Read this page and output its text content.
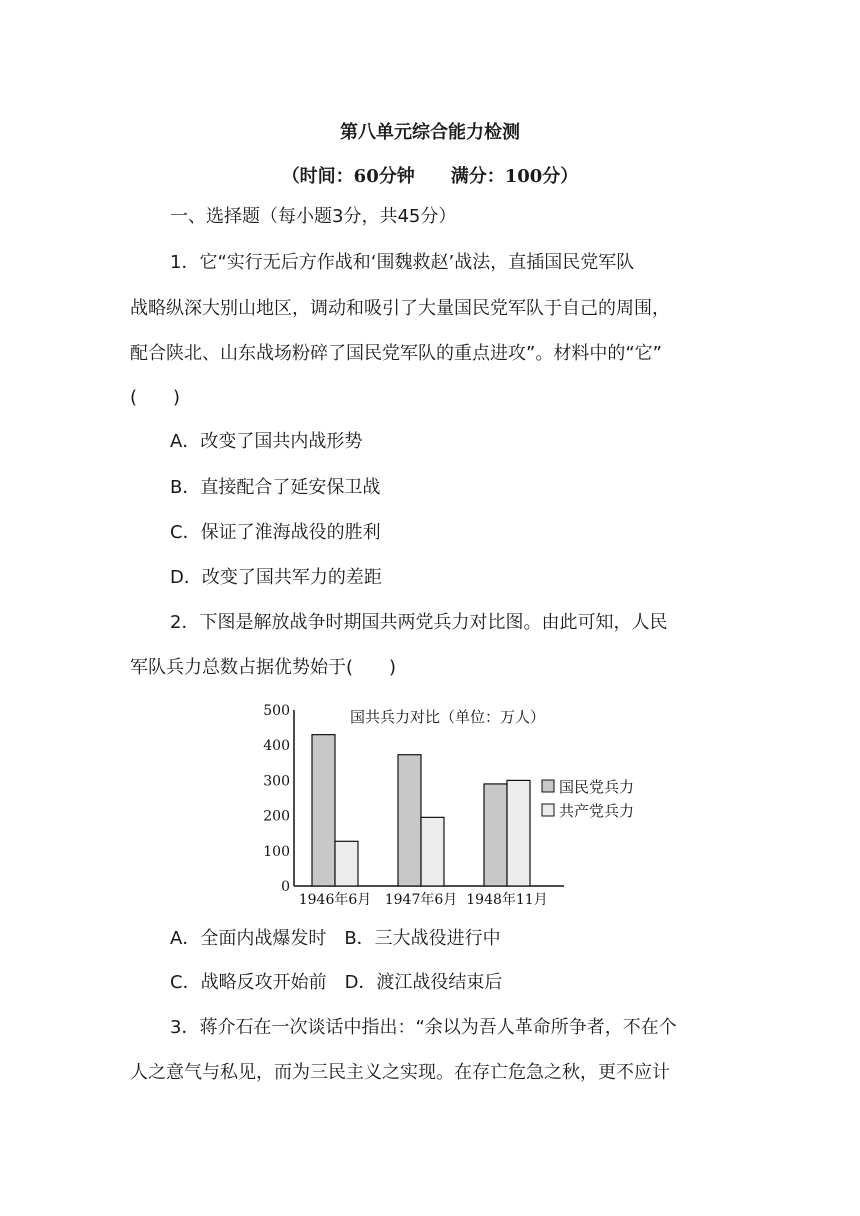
第八单元综合能力检测
（时间：60分钟　　满分：100分）
一、选择题（每小题3分，共45分）
1．它“实行无后方作战和‘围魏救赵’战法，直插国民党军队
战略纵深大别山地区，调动和吸引了大量国民党军队于自己的周围，
配合陕北、山东战场粉碎了国民党军队的重点进攻”。材料中的“它”
(　　)
A．改变了国共内战形势
B．直接配合了延安保卫战
C．保证了淮海战役的胜利
D．改变了国共军力的差距
2．下图是解放战争时期国共两党兵力对比图。由此可知，人民
军队兵力总数占据优势始于(　　)
0
100
200
300
400
500
1946年6月 1947年6月 1948年11月
国共兵力对比（单位：万人）
国民党兵力
共产党兵力
A．全面内战爆发时　B．三大战役进行中
C．战略反攻开始前　D．渡江战役结束后
3．蒋介石在一次谈话中指出：“余以为吾人革命所争者，不在个
人之意气与私见，而为三民主义之实现。在存亡危急之秋，更不应计
